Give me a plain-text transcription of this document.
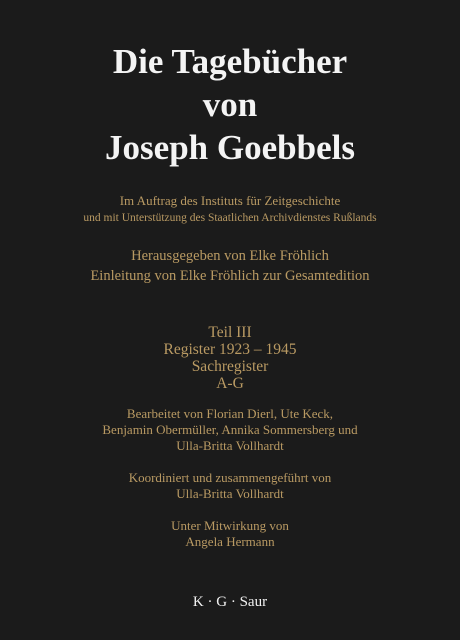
Die Tagebücher
von
Joseph Goebbels
Im Auftrag des Instituts für Zeitgeschichte
und mit Unterstützung des Staatlichen Archivdienstes Rußlands
Herausgegeben von Elke Fröhlich
Einleitung von Elke Fröhlich zur Gesamtedition
Teil III
Register 1923 – 1945
Sachregister
A-G
Bearbeitet von Florian Dierl, Ute Keck,
Benjamin Obermüller, Annika Sommersberg und
Ulla-Britta Vollhardt
Koordiniert und zusammengeführt von
Ulla-Britta Vollhardt
Unter Mitwirkung von
Angela Hermann

K · G · Saur
